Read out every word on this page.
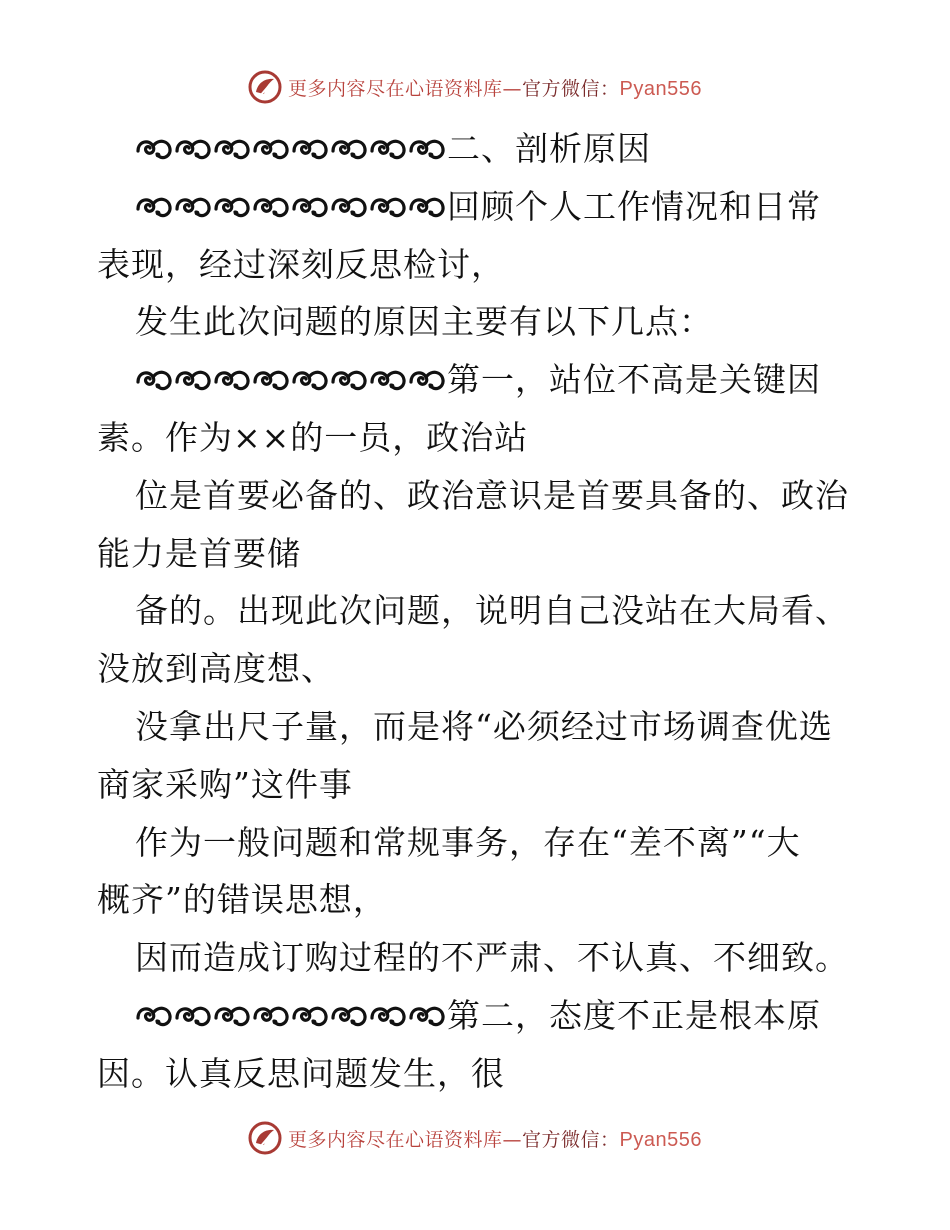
更多内容尽在心语资料库—官方微信：Pyan556
二、剖析原因
回顾个人工作情况和日常
表现，经过深刻反思检讨，
发生此次问题的原因主要有以下几点：
第一，站位不高是关键因
素。作为××的一员，政治站
位是首要必备的、政治意识是首要具备的、政治
能力是首要储
备的。出现此次问题，说明自己没站在大局看、
没放到高度想、
没拿出尺子量，而是将“必须经过市场调查优选
商家采购”这件事
作为一般问题和常规事务，存在“差不离”“大
概齐”的错误思想，
因而造成订购过程的不严肃、不认真、不细致。
第二，态度不正是根本原
因。认真反思问题发生，很
更多内容尽在心语资料库—官方微信：Pyan556
